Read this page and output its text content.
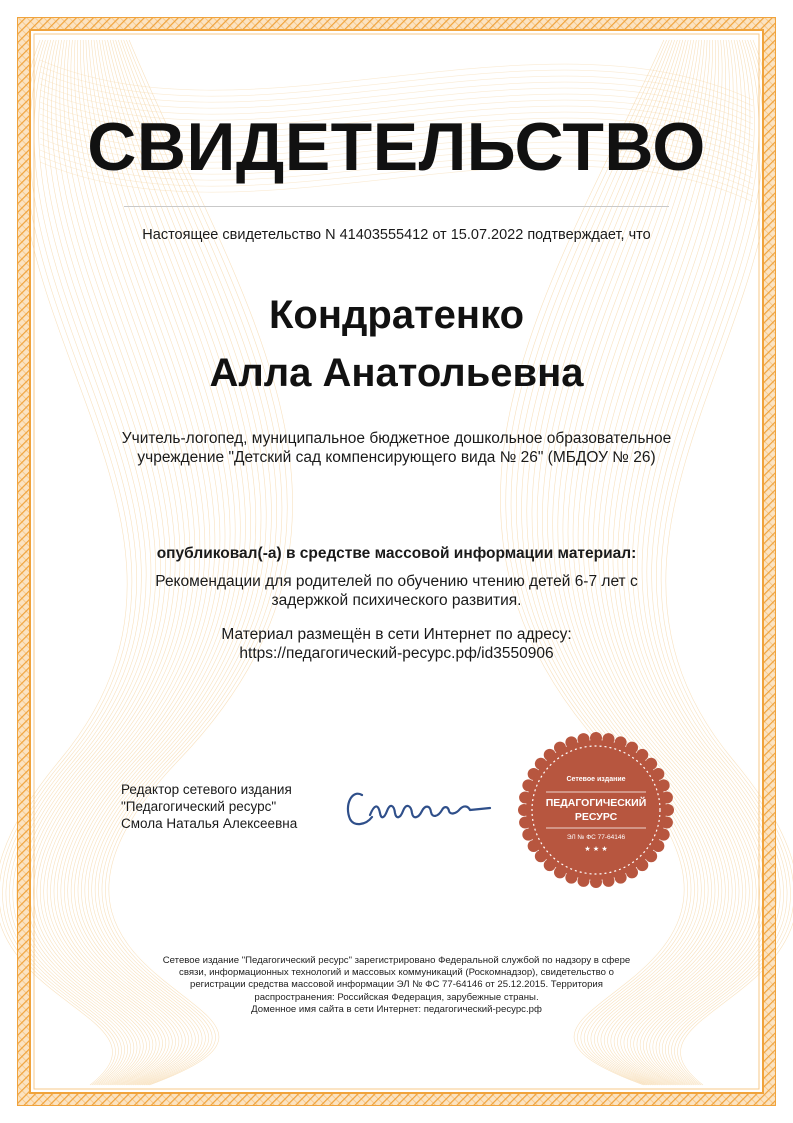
СВИДЕТЕЛЬСТВО
Настоящее свидетельство N 41403555412 от 15.07.2022 подтверждает, что
Кондратенко
Алла Анатольевна
Учитель-логопед, муниципальное бюджетное дошкольное образовательное учреждение "Детский сад компенсирующего вида № 26" (МБДОУ № 26)
опубликовал(-а) в средстве массовой информации материал:
Рекомендации для родителей по обучению чтению детей 6-7 лет с задержкой психического развития.
Материал размещён в сети Интернет по адресу:
https://педагогический-ресурс.рф/id3550906
Редактор сетевого издания
"Педагогический ресурс"
Смола Наталья Алексеевна
Сетевое издание
ПЕДАГОГИЧЕСКИЙ
РЕСУРС
ЭЛ № ФС 77-64146
★ ★ ★
Сетевое издание "Педагогический ресурс" зарегистрировано Федеральной службой по надзору в сфере
связи, информационных технологий и массовых коммуникаций (Роскомнадзор), свидетельство о
регистрации средства массовой информации ЭЛ № ФС 77-64146 от 25.12.2015. Территория
распространения: Российская Федерация, зарубежные страны.
Доменное имя сайта в сети Интернет: педагогический-ресурс.рф
